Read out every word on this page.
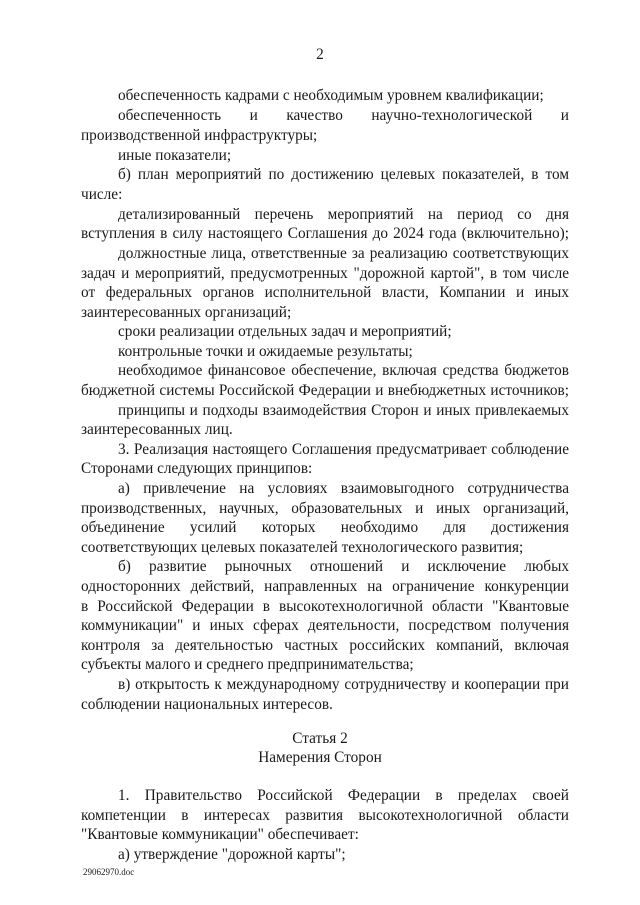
2
обеспеченность кадрами с необходимым уровнем квалификации;
обеспеченность и качество научно-технологической и
производственной инфраструктуры;
иные показатели;
б) план мероприятий по достижению целевых показателей, в том
числе:
детализированный перечень мероприятий на период со дня
вступления в силу настоящего Соглашения до 2024 года (включительно);
должностные лица, ответственные за реализацию соответствующих
задач и мероприятий, предусмотренных "дорожной картой", в том числе
от федеральных органов исполнительной власти, Компании и иных
заинтересованных организаций;
сроки реализации отдельных задач и мероприятий;
контрольные точки и ожидаемые результаты;
необходимое финансовое обеспечение, включая средства бюджетов
бюджетной системы Российской Федерации и внебюджетных источников;
принципы и подходы взаимодействия Сторон и иных привлекаемых
заинтересованных лиц.
3. Реализация настоящего Соглашения предусматривает соблюдение
Сторонами следующих принципов:
а) привлечение на условиях взаимовыгодного сотрудничества
производственных, научных, образовательных и иных организаций,
объединение усилий которых необходимо для достижения
соответствующих целевых показателей технологического развития;
б) развитие рыночных отношений и исключение любых
односторонних действий, направленных на ограничение конкуренции
в Российской Федерации в высокотехнологичной области "Квантовые
коммуникации" и иных сферах деятельности, посредством получения
контроля за деятельностью частных российских компаний, включая
субъекты малого и среднего предпринимательства;
в) открытость к международному сотрудничеству и кооперации при
соблюдении национальных интересов.
Статья 2
Намерения Сторон
1. Правительство Российской Федерации в пределах своей
компетенции в интересах развития высокотехнологичной области
"Квантовые коммуникации" обеспечивает:
а) утверждение "дорожной карты";
29062970.doc
